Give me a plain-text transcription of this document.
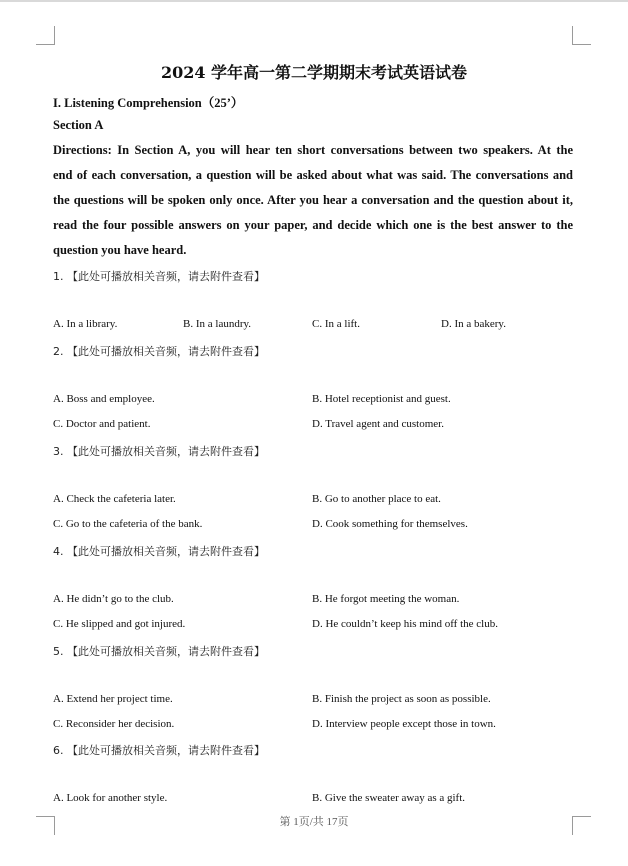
2024 学年高一第二学期期末考试英语试卷
I. Listening Comprehension（25’）
Section A
Directions: In Section A, you will hear ten short conversations between two speakers. At the
end of each conversation, a question will be asked about what was said. The conversations and
the questions will be spoken only once. After you hear a conversation and the question about it,
read the four possible answers on your paper, and decide which one is the best answer to the
question you have heard.
1. 【此处可播放相关音频，请去附件查看】
A. In a library.	B. In a laundry.	C. In a lift.	D. In a bakery.
2. 【此处可播放相关音频，请去附件查看】
A. Boss and employee.	B. Hotel receptionist and guest.
C. Doctor and patient.	D. Travel agent and customer.
3. 【此处可播放相关音频，请去附件查看】
A. Check the cafeteria later.	B. Go to another place to eat.
C. Go to the cafeteria of the bank.	D. Cook something for themselves.
4. 【此处可播放相关音频，请去附件查看】
A. He didn’t go to the club.	B. He forgot meeting the woman.
C. He slipped and got injured.	D. He couldn’t keep his mind off the club.
5. 【此处可播放相关音频，请去附件查看】
A. Extend her project time.	B. Finish the project as soon as possible.
C. Reconsider her decision.	D. Interview people except those in town.
6. 【此处可播放相关音频，请去附件查看】
A. Look for another style.	B. Give the sweater away as a gift.
第 1页/共 17页
